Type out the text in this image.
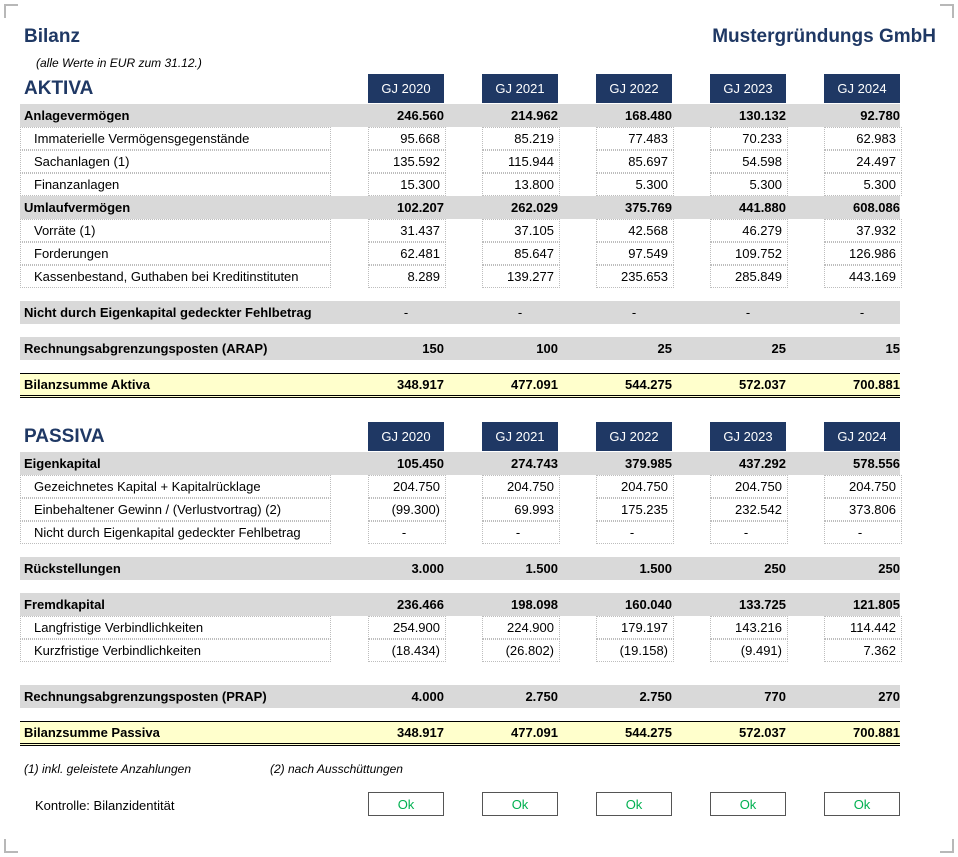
Bilanz	Mustergründungs GmbH
(alle Werte in EUR zum 31.12.)
AKTIVA
PASSIVA
GJ 2020	GJ 2021	GJ 2022	GJ 2023	GJ 2024
GJ 2020	GJ 2021	GJ 2022	GJ 2023	GJ 2024
Anlagevermögen	246.560	214.962	168.480	130.132	92.780
Immaterielle Vermögensgegenstände	95.668	85.219	77.483	70.233	62.983
Sachanlagen (1)	135.592	115.944	85.697	54.598	24.497
Finanzanlagen	15.300	13.800	5.300	5.300	5.300
Umlaufvermögen	102.207	262.029	375.769	441.880	608.086
Vorräte (1)	31.437	37.105	42.568	46.279	37.932
Forderungen	62.481	85.647	97.549	109.752	126.986
Kassenbestand, Guthaben bei Kreditinstituten	8.289	139.277	235.653	285.849	443.169
Nicht durch Eigenkapital gedeckter Fehlbetrag	-	-	-	-	-
Rechnungsabgrenzungsposten (ARAP)	150	100	25	25	15
Bilanzsumme Aktiva	348.917	477.091	544.275	572.037	700.881
Eigenkapital	105.450	274.743	379.985	437.292	578.556
Gezeichnetes Kapital + Kapitalrücklage	204.750	204.750	204.750	204.750	204.750
Einbehaltener Gewinn / (Verlustvortrag) (2)	(99.300)	69.993	175.235	232.542	373.806
Nicht durch Eigenkapital gedeckter Fehlbetrag	-	-	-	-	-
Rückstellungen	3.000	1.500	1.500	250	250
Fremdkapital	236.466	198.098	160.040	133.725	121.805
Langfristige Verbindlichkeiten	254.900	224.900	179.197	143.216	114.442
Kurzfristige Verbindlichkeiten	(18.434)	(26.802)	(19.158)	(9.491)	7.362
Rechnungsabgrenzungsposten (PRAP)	4.000	2.750	2.750	770	270
Bilanzsumme Passiva	348.917	477.091	544.275	572.037	700.881
(1) inkl. geleistete Anzahlungen	(2) nach Ausschüttungen
Kontrolle: Bilanzidentität	Ok	Ok	Ok	Ok	Ok
